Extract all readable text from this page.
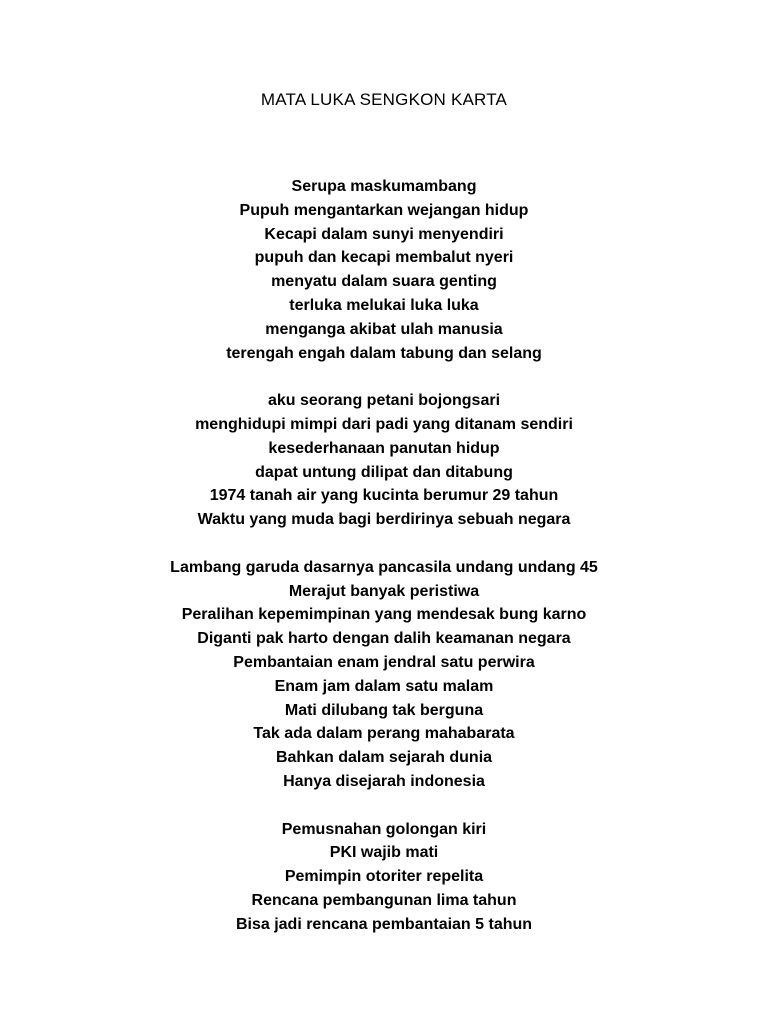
MATA LUKA SENGKON KARTA
Serupa maskumambang
Pupuh mengantarkan wejangan hidup
Kecapi dalam sunyi menyendiri
pupuh dan kecapi membalut nyeri
menyatu dalam suara genting
terluka melukai luka luka
menganga akibat ulah manusia
terengah engah dalam tabung dan selang
aku seorang petani bojongsari
menghidupi mimpi dari padi yang ditanam sendiri
kesederhanaan panutan hidup
dapat untung dilipat dan ditabung
1974 tanah air yang kucinta berumur 29 tahun
Waktu yang muda bagi berdirinya sebuah negara
Lambang garuda dasarnya pancasila undang undang 45
Merajut banyak peristiwa
Peralihan kepemimpinan yang mendesak bung karno
Diganti pak harto dengan dalih keamanan negara
Pembantaian enam jendral satu perwira
Enam jam dalam satu malam
Mati dilubang tak berguna
Tak ada dalam perang mahabarata
Bahkan dalam sejarah dunia
Hanya disejarah indonesia
Pemusnahan golongan kiri
PKI wajib mati
Pemimpin otoriter repelita
Rencana pembangunan lima tahun
Bisa jadi rencana pembantaian 5 tahun
